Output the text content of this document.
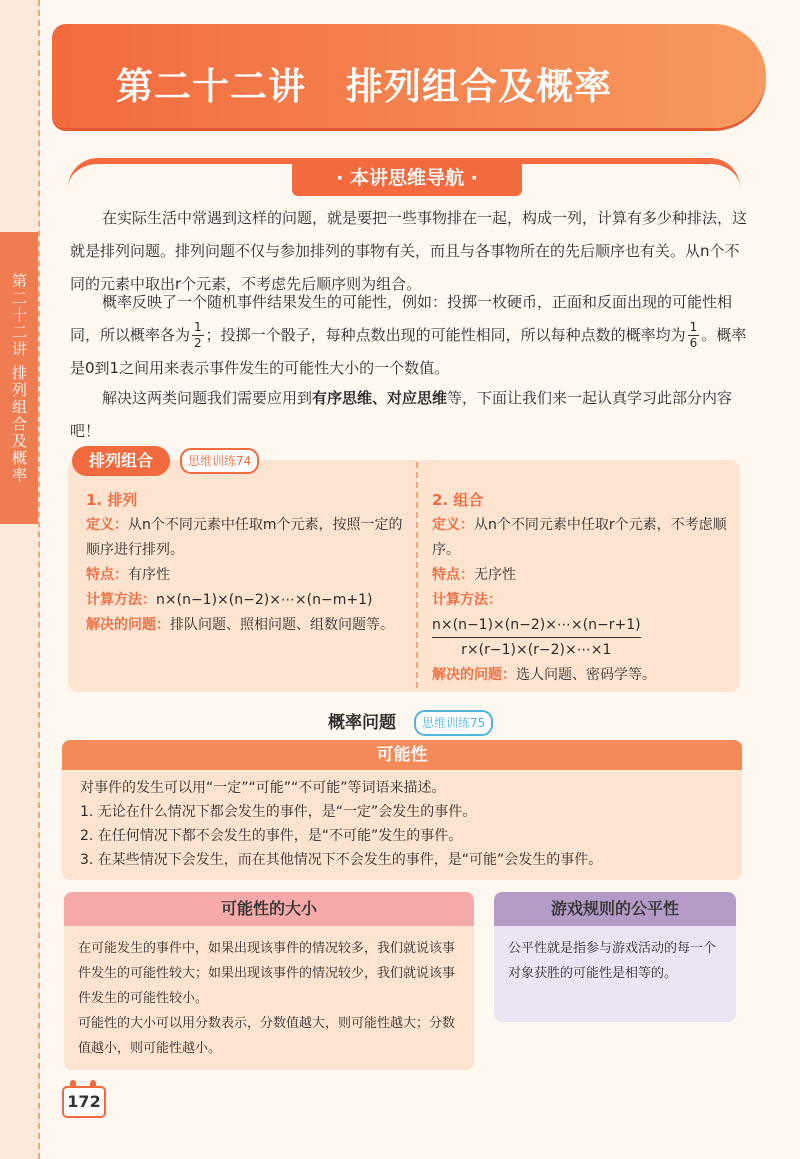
第二十二讲 排列组合及概率
第二十二讲 排列组合及概率
· 本讲思维导航 ·
在实际生活中常遇到这样的问题，就是要把一些事物排在一起，构成一列，计算有多少种排法，这就是排列问题。排列问题不仅与参加排列的事物有关，而且与各事物所在的先后顺序也有关。从n个不同的元素中取出r个元素，不考虑先后顺序则为组合。
概率反映了一个随机事件结果发生的可能性，例如：投掷一枚硬币，正面和反面出现的可能性相同，所以概率各为 $\frac{1}{2}$ ；投掷一个骰子，每种点数出现的可能性相同，所以每种点数的概率均为 $\frac{1}{6}$ 。概率是0到1之间用来表示事件发生的可能性大小的一个数值。
解决这两类问题我们需要应用到有序思维、对应思维等，下面让我们来一起认真学习此部分内容吧！
排列组合	思维训练74
1. 排列
定义：从n个不同元素中任取m个元素，按照一定的顺序进行排列。
特点：有序性
计算方法：n×(n−1)×(n−2)×⋯×(n−m+1)
解决的问题：排队问题、照相问题、组数问题等。
2. 组合
定义：从n个不同元素中任取r个元素，不考虑顺序。
特点：无序性
计算方法：
$\frac{n\times(n-1)\times(n-2)\times\cdots\times(n-r+1)}{r\times(r-1)\times(r-2)\times\cdots\times 1}$
解决的问题：选人问题、密码学等。
概率问题	思维训练75
可能性
对事件的发生可以用“一定”“可能”“不可能”等词语来描述。
1. 无论在什么情况下都会发生的事件，是“一定”会发生的事件。
2. 在任何情况下都不会发生的事件，是“不可能”发生的事件。
3. 在某些情况下会发生，而在其他情况下不会发生的事件，是“可能”会发生的事件。
可能性的大小
在可能发生的事件中，如果出现该事件的情况较多，我们就说该事件发生的可能性较大；如果出现该事件的情况较少，我们就说该事件发生的可能性较小。
可能性的大小可以用分数表示，分数值越大，则可能性越大；分数值越小，则可能性越小。
游戏规则的公平性
公平性就是指参与游戏活动的每一个对象获胜的可能性是相等的。
172
